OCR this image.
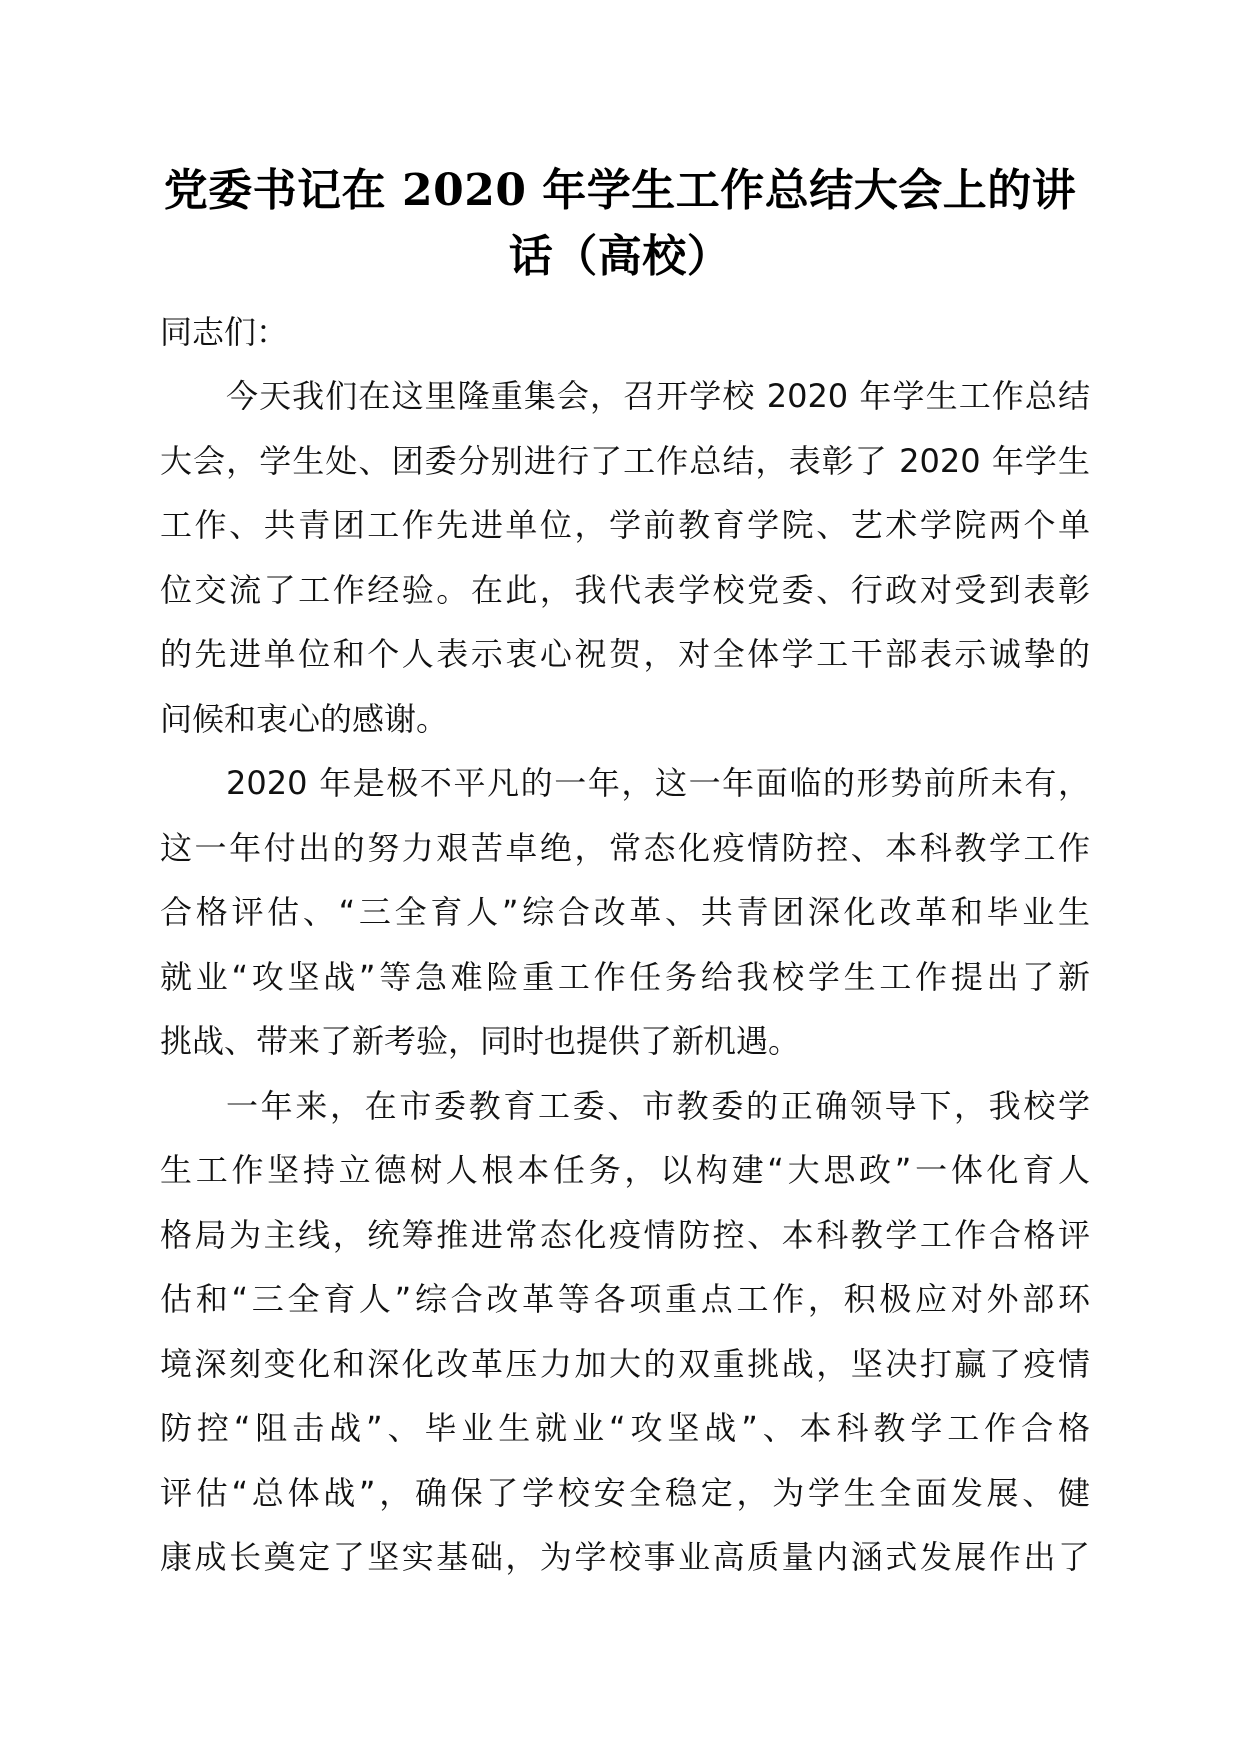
党委书记在 2020 年学生工作总结大会上的讲
话（高校）

同志们：

今天我们在这里隆重集会，召开学校 2020 年学生工作总结
大会，学生处、团委分别进行了工作总结，表彰了 2020 年学生
工作、共青团工作先进单位，学前教育学院、艺术学院两个单
位交流了工作经验。在此，我代表学校党委、行政对受到表彰
的先进单位和个人表示衷心祝贺，对全体学工干部表示诚挚的
问候和衷心的感谢。

2020 年是极不平凡的一年，这一年面临的形势前所未有，
这一年付出的努力艰苦卓绝，常态化疫情防控、本科教学工作
合格评估、“三全育人”综合改革、共青团深化改革和毕业生
就业“攻坚战”等急难险重工作任务给我校学生工作提出了新
挑战、带来了新考验，同时也提供了新机遇。

一年来，在市委教育工委、市教委的正确领导下，我校学
生工作坚持立德树人根本任务，以构建“大思政”一体化育人
格局为主线，统筹推进常态化疫情防控、本科教学工作合格评
估和“三全育人”综合改革等各项重点工作，积极应对外部环
境深刻变化和深化改革压力加大的双重挑战，坚决打赢了疫情
防控“阻击战”、毕业生就业“攻坚战”、本科教学工作合格
评估“总体战”，确保了学校安全稳定，为学生全面发展、健
康成长奠定了坚实基础，为学校事业高质量内涵式发展作出了
